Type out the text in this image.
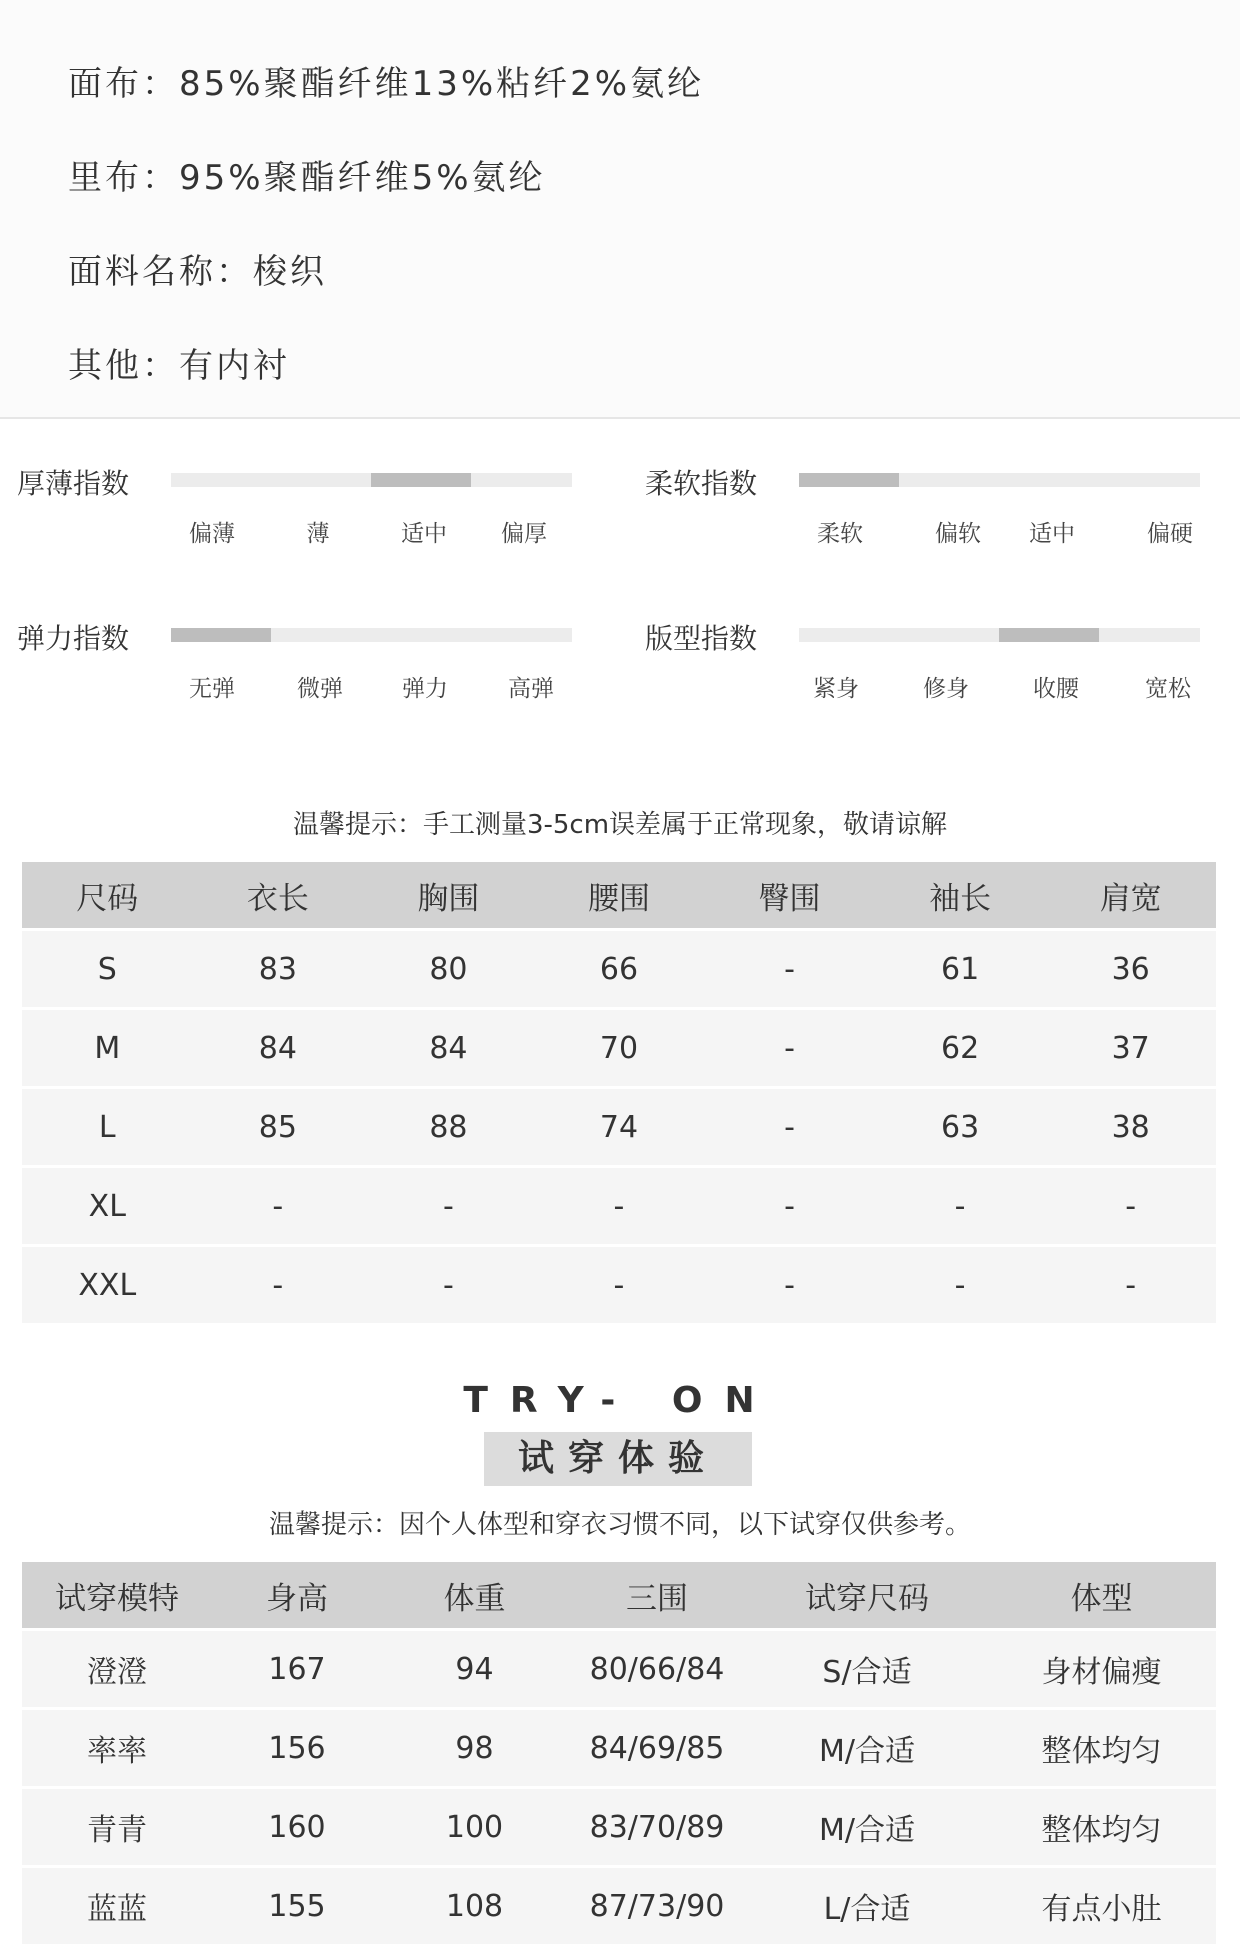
面布：85%聚酯纤维13%粘纤2%氨纶
里布：95%聚酯纤维5%氨纶
面料名称：梭织
其他：有内衬
厚薄指数
偏薄	薄	适中 偏厚
柔软指数
柔软	偏软 适中	偏硬
弹力指数
无弹	微弹	弹力	高弹
版型指数
紧身	修身	收腰	宽松
温馨提示：手工测量3-5cm误差属于正常现象，敬请谅解
尺码	衣长	胸围	腰围	臀围	袖长	肩宽
S	83	80	66	-	61	36
M	84	84	70	-	62	37
L	85	88	74	-	63	38
XL	-	-	-	-	-	-
XXL	-	-	-	-	-	-
TRY- ON
试穿体验
温馨提示：因个人体型和穿衣习惯不同，以下试穿仅供参考。
试穿模特	身高	体重	三围	试穿尺码	体型
澄澄	167	94	80/66/84	S/合适	身材偏瘦
率率	156	98	84/69/85	M/合适	整体均匀
青青	160	100	83/70/89	M/合适	整体均匀
蓝蓝	155	108	87/73/90	L/合适	有点小肚
